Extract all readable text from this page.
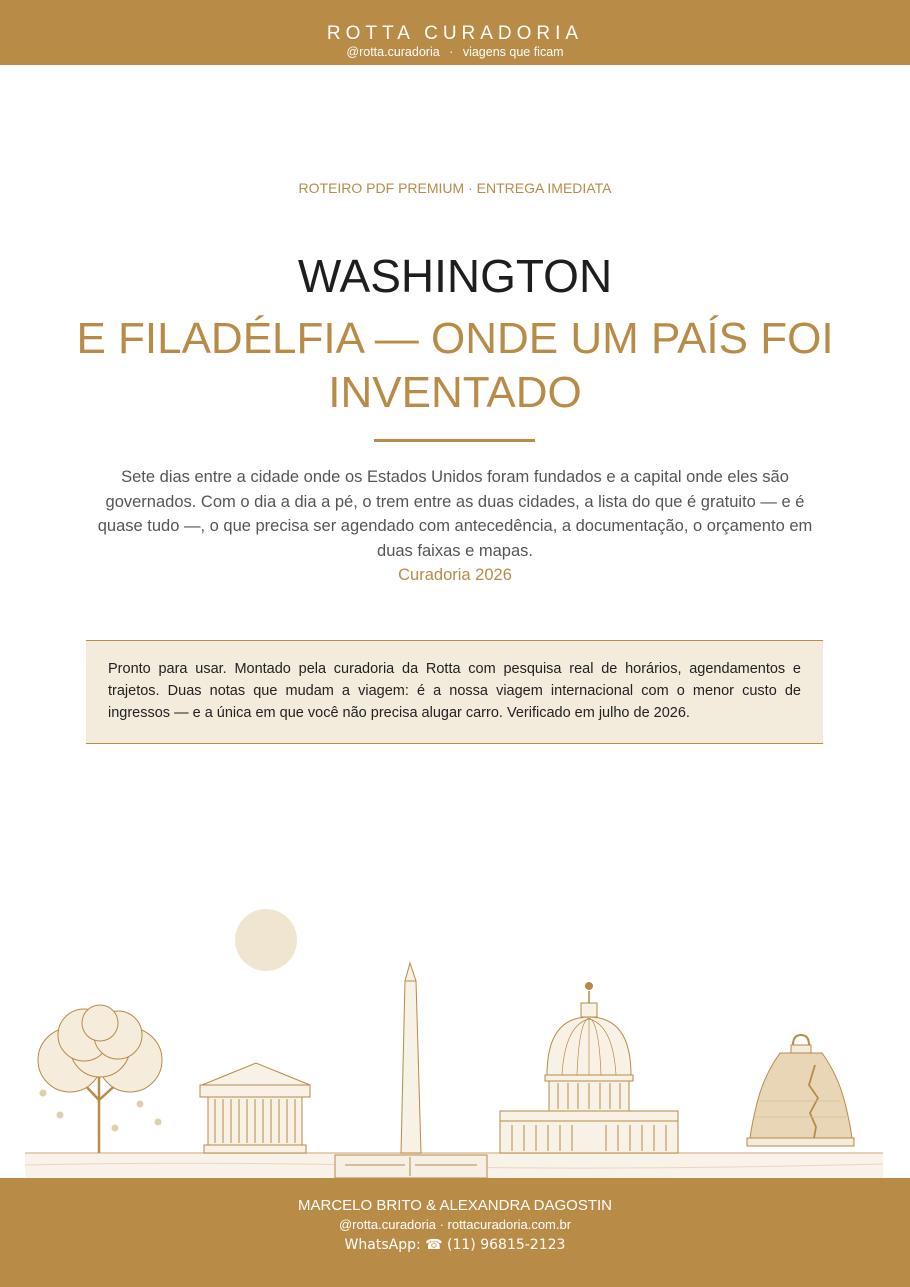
ROTTA CURADORIA
@rotta.curadoria · viagens que ficam
ROTEIRO PDF PREMIUM · ENTREGA IMEDIATA
WASHINGTON
E FILADÉLFIA — ONDE UM PAÍS FOI INVENTADO
Sete dias entre a cidade onde os Estados Unidos foram fundados e a capital onde eles são governados. Com o dia a dia a pé, o trem entre as duas cidades, a lista do que é gratuito — e é quase tudo —, o que precisa ser agendado com antecedência, a documentação, o orçamento em duas faixas e mapas.
Curadoria 2026
Pronto para usar. Montado pela curadoria da Rotta com pesquisa real de horários, agendamentos e trajetos. Duas notas que mudam a viagem: é a nossa viagem internacional com o menor custo de ingressos — e a única em que você não precisa alugar carro. Verificado em julho de 2026.
MARCELO BRITO & ALEXANDRA DAGOSTIN
@rotta.curadoria · rottacuradoria.com.br
WhatsApp: ☎ (11) 96815-2123
